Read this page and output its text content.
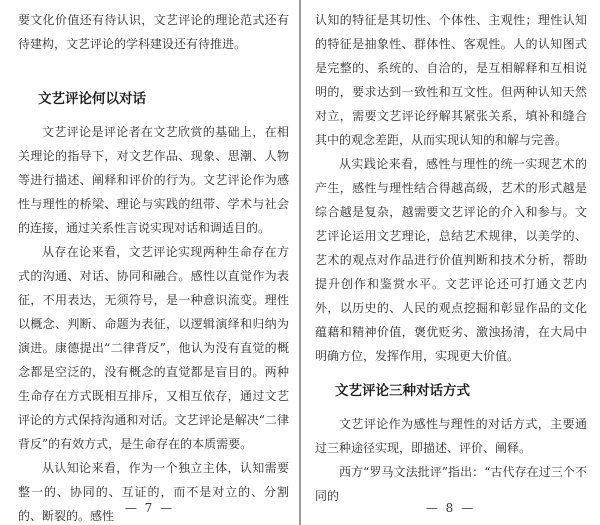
要文化价值还有待认识，文艺评论的理论范式还有待建构，文艺评论的学科建设还有待推进。

文艺评论何以对话

文艺评论是评论者在文艺欣赏的基础上，在相关理论的指导下，对文艺作品、现象、思潮、人物等进行描述、阐释和评价的行为。文艺评论作为感性与理性的桥梁、理论与实践的纽带、学术与社会的连接，通过关系性言说实现对话和调适目的。

从存在论来看，文艺评论实现两种生命存在方式的沟通、对话、协同和融合。感性以直觉作为表征，不用表达，无须符号，是一种意识流变。理性以概念、判断、命题为表征，以逻辑演绎和归纳为演进。康德提出“二律背反”，他认为没有直觉的概念都是空泛的，没有概念的直觉都是盲目的。两种生命存在方式既相互排斥，又相互依存，通过文艺评论的方式保持沟通和对话。文艺评论是解决“二律背反”的有效方式，是生命存在的本质需要。

从认知论来看，作为一个独立主体，认知需要整一的、协同的、互证的，而不是对立的、分割的、断裂的。感性

— 7 —

认知的特征是其切性、个体性、主观性；理性认知的特征是抽象性、群体性、客观性。人的认知图式是完整的、系统的、自洽的，是互相解释和互相说明的，要求达到一致性和互文性。但两种认知天然对立，需要文艺评论纾解其紧张关系，填补和缝合其中的观念差距，从而实现认知的和解与完善。

从实践论来看，感性与理性的统一实现艺术的产生，感性与理性结合得越高级，艺术的形式越是综合越是复杂，越需要文艺评论的介入和参与。文艺评论运用文艺理论，总结艺术规律，以美学的、艺术的观点对作品进行价值判断和技术分析，帮助提升创作和鉴赏水平。文艺评论还可打通文艺内外，以历史的、人民的观点挖掘和彰显作品的文化蕴藉和精神价值，褒优贬劣、激浊扬清，在大局中明确方位，发挥作用，实现更大价值。

文艺评论三种对话方式

文艺评论作为感性与理性的对话方式，主要通过三种途径实现，即描述、评价、阐释。

西方“罗马文法批评”指出：“古代存在过三个不同的

— 8 —
